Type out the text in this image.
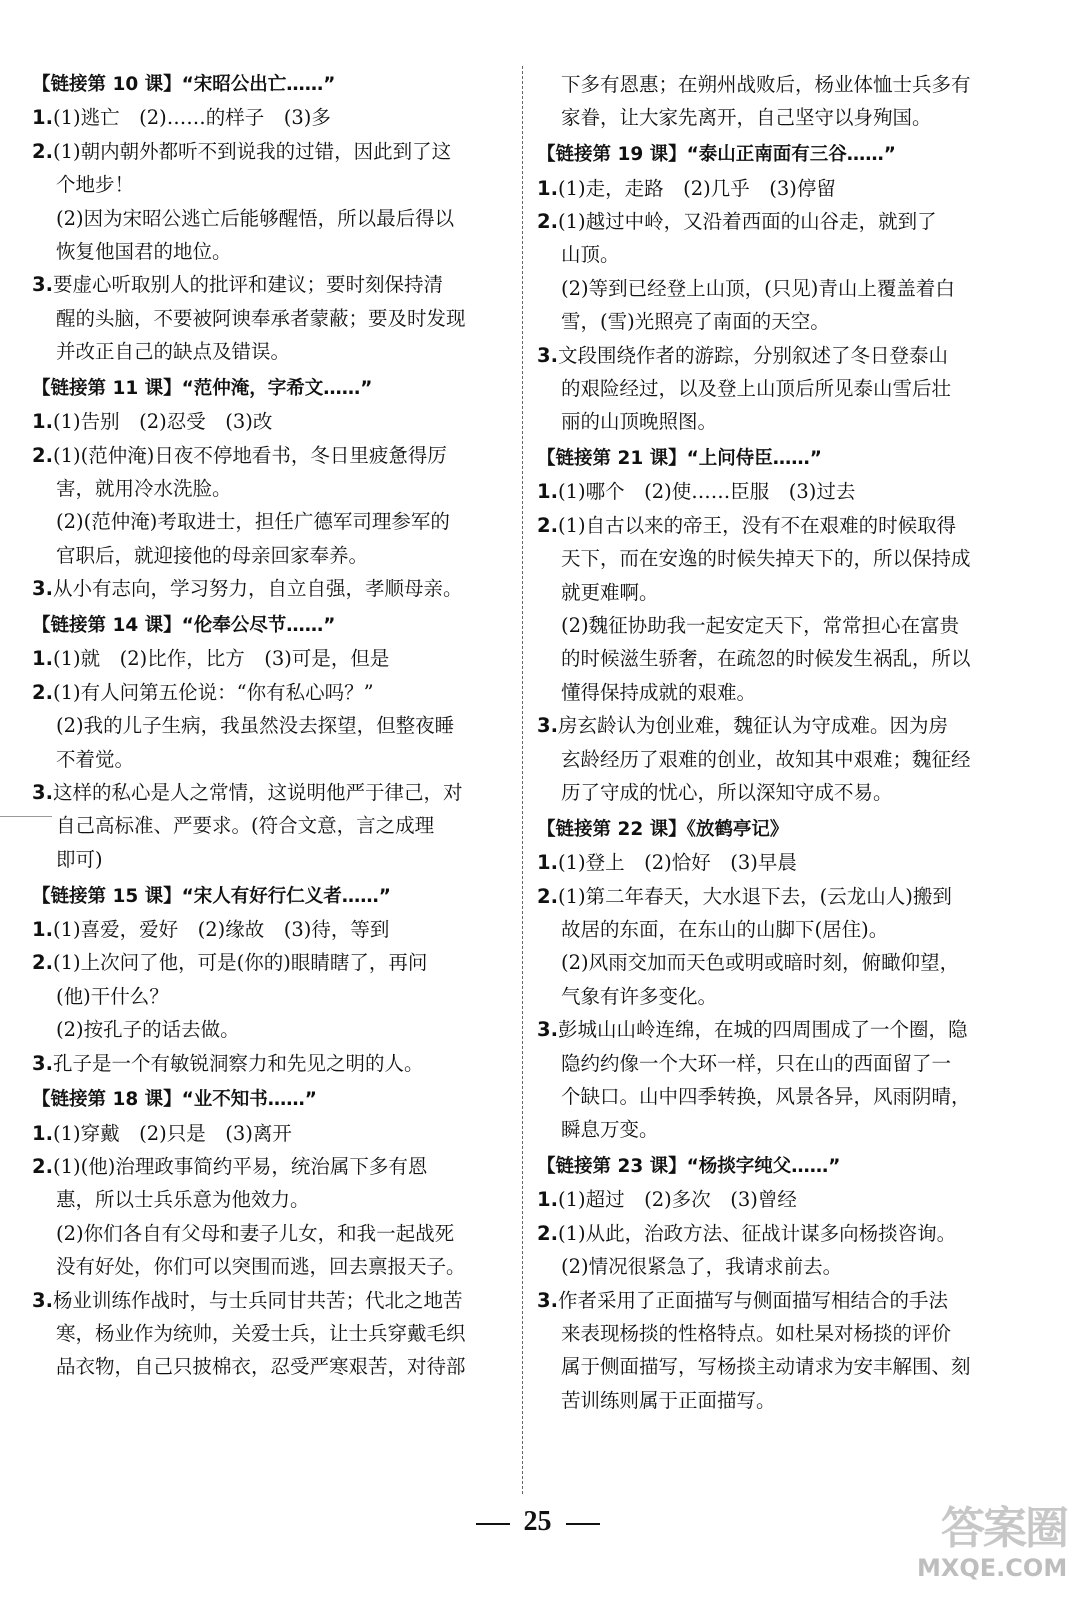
【链接第 10 课】“宋昭公出亡……”
1.(1)逃亡　(2)……的样子　(3)多
2.(1)朝内朝外都听不到说我的过错，因此到了这
个地步！
(2)因为宋昭公逃亡后能够醒悟，所以最后得以
恢复他国君的地位。
3.要虚心听取别人的批评和建议；要时刻保持清
醒的头脑，不要被阿谀奉承者蒙蔽；要及时发现
并改正自己的缺点及错误。
【链接第 11 课】“范仲淹，字希文……”
1.(1)告别　(2)忍受　(3)改
2.(1)(范仲淹)日夜不停地看书，冬日里疲惫得厉
害，就用冷水洗脸。
(2)(范仲淹)考取进士，担任广德军司理参军的
官职后，就迎接他的母亲回家奉养。
3.从小有志向，学习努力，自立自强，孝顺母亲。
【链接第 14 课】“伦奉公尽节……”
1.(1)就　(2)比作，比方　(3)可是，但是
2.(1)有人问第五伦说：“你有私心吗？”
(2)我的儿子生病，我虽然没去探望，但整夜睡
不着觉。
3.这样的私心是人之常情，这说明他严于律己，对
自己高标准、严要求。(符合文意，言之成理
即可)
【链接第 15 课】“宋人有好行仁义者……”
1.(1)喜爱，爱好　(2)缘故　(3)待，等到
2.(1)上次问了他，可是(你的)眼睛瞎了，再问
(他)干什么？
(2)按孔子的话去做。
3.孔子是一个有敏锐洞察力和先见之明的人。
【链接第 18 课】“业不知书……”
1.(1)穿戴　(2)只是　(3)离开
2.(1)(他)治理政事简约平易，统治属下多有恩
惠，所以士兵乐意为他效力。
(2)你们各自有父母和妻子儿女，和我一起战死
没有好处，你们可以突围而逃，回去禀报天子。
3.杨业训练作战时，与士兵同甘共苦；代北之地苦
寒，杨业作为统帅，关爱士兵，让士兵穿戴毛织
品衣物，自己只披棉衣，忍受严寒艰苦，对待部
下多有恩惠；在朔州战败后，杨业体恤士兵多有
家眷，让大家先离开，自己坚守以身殉国。
【链接第 19 课】“泰山正南面有三谷……”
1.(1)走，走路　(2)几乎　(3)停留
2.(1)越过中岭，又沿着西面的山谷走，就到了
山顶。
(2)等到已经登上山顶，(只见)青山上覆盖着白
雪，(雪)光照亮了南面的天空。
3.文段围绕作者的游踪，分别叙述了冬日登泰山
的艰险经过，以及登上山顶后所见泰山雪后壮
丽的山顶晚照图。
【链接第 21 课】“上问侍臣……”
1.(1)哪个　(2)使……臣服　(3)过去
2.(1)自古以来的帝王，没有不在艰难的时候取得
天下，而在安逸的时候失掉天下的，所以保持成
就更难啊。
(2)魏征协助我一起安定天下，常常担心在富贵
的时候滋生骄奢，在疏忽的时候发生祸乱，所以
懂得保持成就的艰难。
3.房玄龄认为创业难，魏征认为守成难。因为房
玄龄经历了艰难的创业，故知其中艰难；魏征经
历了守成的忧心，所以深知守成不易。
【链接第 22 课】《放鹤亭记》
1.(1)登上　(2)恰好　(3)早晨
2.(1)第二年春天，大水退下去，(云龙山人)搬到
故居的东面，在东山的山脚下(居住)。
(2)风雨交加而天色或明或暗时刻，俯瞰仰望，
气象有许多变化。
3.彭城山山岭连绵，在城的四周围成了一个圈，隐
隐约约像一个大环一样，只在山的西面留了一
个缺口。山中四季转换，风景各异，风雨阴晴，
瞬息万变。
【链接第 23 课】“杨掞字纯父……”
1.(1)超过　(2)多次　(3)曾经
2.(1)从此，治政方法、征战计谋多向杨掞咨询。
(2)情况很紧急了，我请求前去。
3.作者采用了正面描写与侧面描写相结合的手法
来表现杨掞的性格特点。如杜杲对杨掞的评价
属于侧面描写，写杨掞主动请求为安丰解围、刻
苦训练则属于正面描写。
25	答案圈
MXQE.COM
